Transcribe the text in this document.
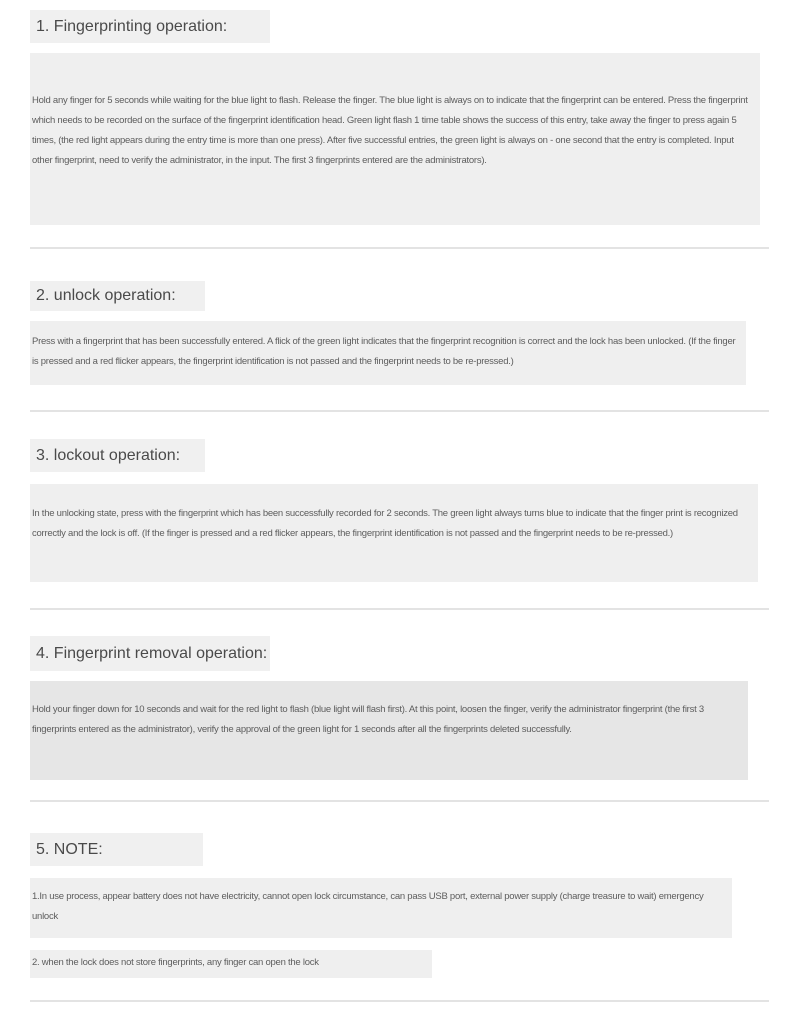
1. Fingerprinting operation:
Hold any finger for 5 seconds while waiting for the blue light to flash. Release the finger. The blue light is always on to indicate that the fingerprint can be entered. Press the fingerprint which needs to be recorded on the surface of the fingerprint identification head. Green light flash 1 time table shows the success of this entry, take away the finger to press again 5 times, (the red light appears during the entry time is more than one press). After five successful entries, the green light is always on - one second that the entry is completed. Input other fingerprint, need to verify the administrator, in the input. The first 3 fingerprints entered are the administrators).
2. unlock operation:
Press with a fingerprint that has been successfully entered. A flick of the green light indicates that the fingerprint recognition is correct and the lock has been unlocked. (If the finger is pressed and a red flicker appears, the fingerprint identification is not passed and the fingerprint needs to be re-pressed.)
3. lockout operation:
In the unlocking state, press with the fingerprint which has been successfully recorded for 2 seconds. The green light always turns blue to indicate that the finger print is recognized correctly and the lock is off. (If the finger is pressed and a red flicker appears, the fingerprint identification is not passed and the fingerprint needs to be re-pressed.)
4. Fingerprint removal operation:
Hold your finger down for 10 seconds and wait for the red light to flash (blue light will flash first). At this point, loosen the finger, verify the administrator fingerprint (the first 3 fingerprints entered as the administrator), verify the approval of the green light for 1 seconds after all the fingerprints deleted successfully.
5. NOTE:
1.In use process, appear battery does not have electricity, cannot open lock circumstance, can pass USB port, external power supply (charge treasure to wait) emergency unlock
2. when the lock does not store fingerprints, any finger can open the lock
